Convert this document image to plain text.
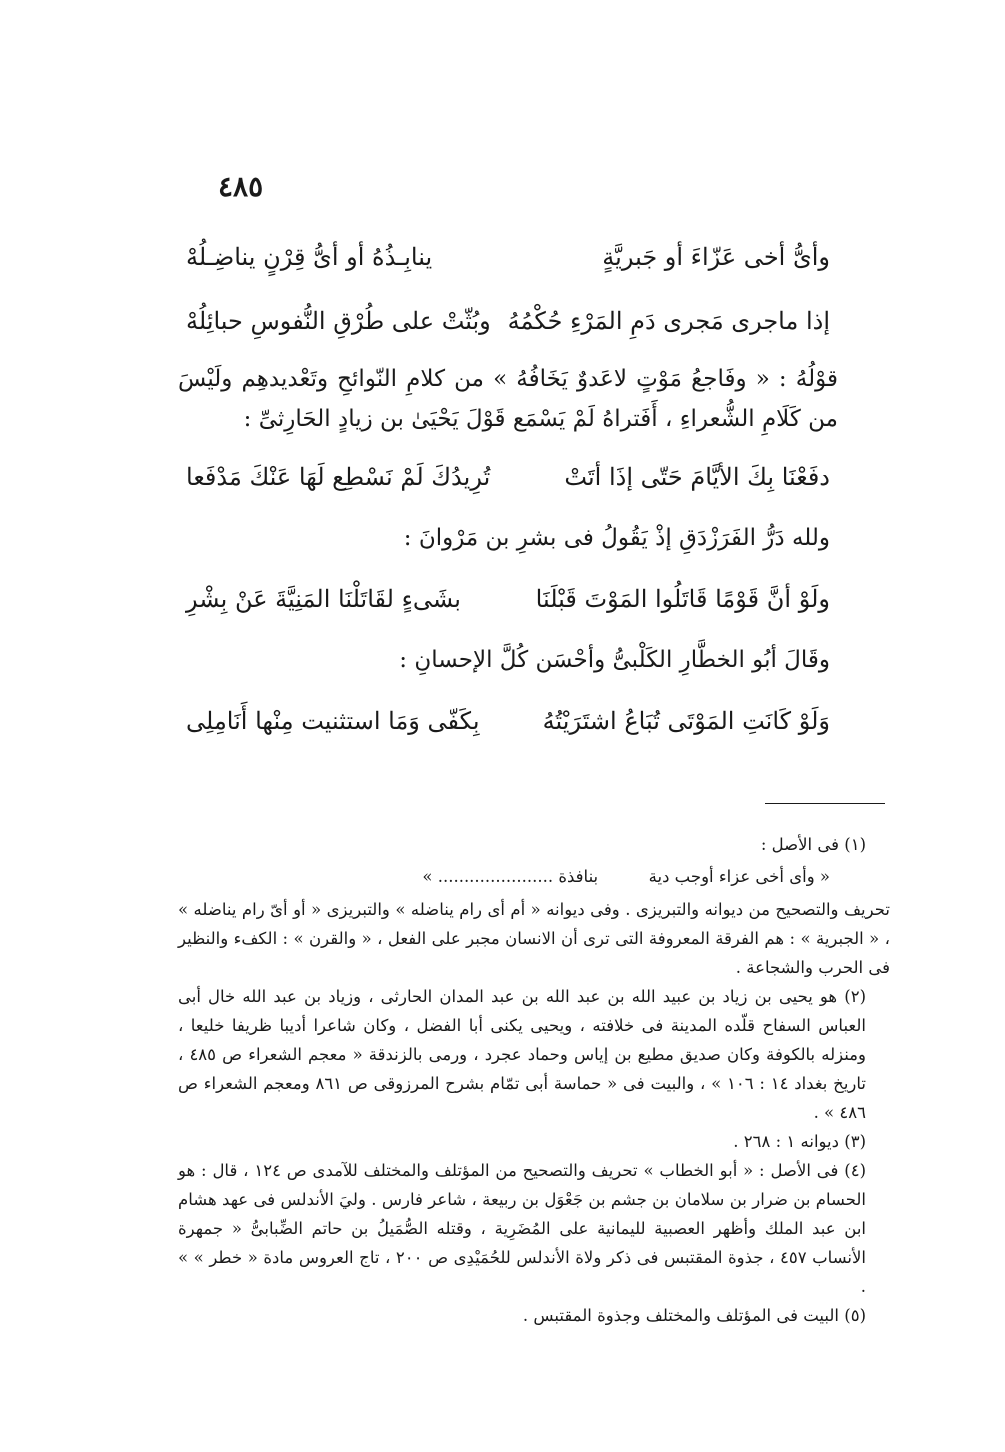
٤٨٥
وأىُّ أخى عَزّاءَ أو جَبريَّةٍ
ينابِـذُهُ أو أىُّ قِرْنٍ يناضِـلُهْ
إذا ماجرى مَجرى دَمِ المَرْءِ حُكْمُهُ
وبُثّتْ على طُرْقِ النُّفوسِ حبائِلُهْ

قوْلُهُ : « وفَاجعُ مَوْتٍ لاعَدوٌ يَخَافُهُ » من كلامِ النّوائحِ وتَعْديدهِم ولَيْسَ من كَلَامِ الشُّعراءِ ، أَفَتراهُ لَمْ يَسْمَع قَوْلَ يَحْيَىٰ بن زيادٍ الحَارِثىِّ :

دفَعْنَا بِكَ الأيَّامَ حَتّى إذَا أتَتْ
تُرِيدُكَ لَمْ نَسْطِع لَهَا عَنْكَ مَدْفَعا

ولله دَرُّ الفَرَزْدَقِ إذْ يَقُولُ فى بشرِ بن مَرْوانَ :

ولَوْ أنَّ قَوْمًا قَاتَلُوا المَوْتَ قَبْلَنَا
بشَىءٍ لقَاتَلْنَا المَنِيَّةَ عَنْ بِشْرِ

وقَالَ أبُو الخطَّارِ الكَلْبىُّ وأحْسَن كُلَّ الإحسانِ :

وَلَوْ كَانَتِ المَوْتَى تُبَاعُ اشتَرَيْتُهُ
بِكَفّى وَمَا استثنيت مِنْها أَنَامِلِى

(١) فى الأصل :

« وأى أخى عزاء أوجب دية  بنافذة ...................... »

تحريف والتصحيح من ديوانه والتبريزى . وفى ديوانه « أم أى رام يناضله » والتبريزى « أو أىّ رام يناضله » ، « الجبرية » : هم الفرقة المعروفة التى ترى أن الانسان مجبر على الفعل ، « والقرن » : الكفء والنظير فى الحرب والشجاعة .

(٢) هو يحيى بن زياد بن عبيد الله بن عبد الله بن عبد المدان الحارثى ، وزياد بن عبد الله خال أبى العباس السفاح قلّده المدينة فى خلافته ، ويحيى يكنى أبا الفضل ، وكان شاعرا أديبا ظريفا خليعا ، ومنزله بالكوفة وكان صديق مطيع بن إياس وحماد عجرد ، ورمى بالزندقة « معجم الشعراء ص ٤٨٥ ، تاريخ بغداد ١٤ : ١٠٦ » ، والبيت فى « حماسة أبى تمّام بشرح المرزوقى ص ٨٦١ ومعجم الشعراء ص ٤٨٦ » .

(٣) ديوانه ١ : ٢٦٨ .

(٤) فى الأصل : « أبو الخطاب » تحريف والتصحيح من المؤتلف والمختلف للآمدى ص ١٢٤ ، قال : هو الحسام بن ضرار بن سلامان بن جشم بن جَعْوَل بن ربيعة ، شاعر فارس . وليَ الأندلس فى عهد هشام ابن عبد الملك وأظهر العصبية لليمانية على المُضَرِية ، وقتله الصُّمَيلُ بن حاتم الضِّبابىُّ « جمهرة الأنساب ٤٥٧ ، جذوة المقتبس فى ذكر ولاة الأندلس للحُمَيْدِى ص ٢٠٠ ، تاج العروس مادة « خطر » » .

(٥) البيت فى المؤتلف والمختلف وجذوة المقتبس .
